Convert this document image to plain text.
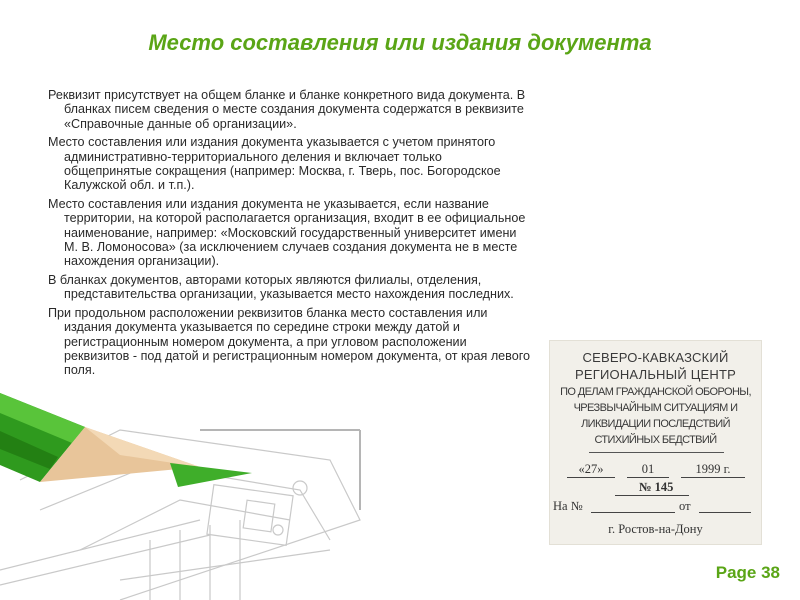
Место составления или издания документа

Реквизит присутствует на общем бланке и бланке конкретного вида документа. В бланках писем сведения о месте создания документа содержатся в реквизите «Справочные данные об организации».

Место составления или издания документа указывается с учетом принятого административно-территориального деления и включает только общепринятые сокращения (например: Москва, г. Тверь, пос. Богородское Калужской обл. и т.п.).

Место составления или издания документа не указывается, если название территории, на которой располагается организация, входит в ее официальное наименование, например: «Московский государственный университет имени М. В. Ломоносова» (за исключением случаев создания документа не в месте нахождения организации).

В бланках документов, авторами которых являются филиалы, отделения, представительства организации, указывается место нахождения последних.

При продольном расположении реквизитов бланка место составления или издания документа указывается по середине строки между датой и регистрационным номером документа, а при угловом расположении реквизитов - под датой и регистрационным номером документа, от края левого поля.

СЕВЕРО-КАВКАЗСКИЙ
РЕГИОНАЛЬНЫЙ ЦЕНТР
ПО ДЕЛАМ ГРАЖДАНСКОЙ ОБОРОНЫ,
ЧРЕЗВЫЧАЙНЫМ СИТУАЦИЯМ И
ЛИКВИДАЦИИ ПОСЛЕДСТВИЙ
СТИХИЙНЫХ БЕДСТВИЙ
«27»	01	1999 г.
№ 145
На №	от
г. Ростов-на-Дону
Page 38
